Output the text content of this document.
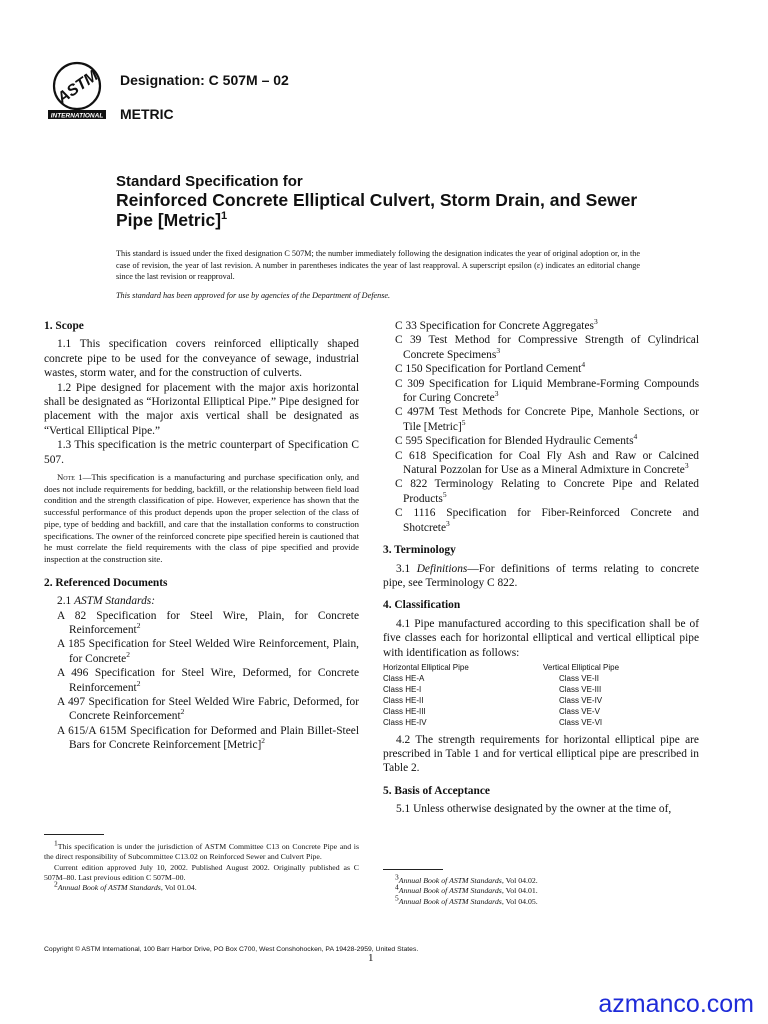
ASTM
INTERNATIONAL
Designation: C 507M – 02
METRIC
Standard Specification for
Reinforced Concrete Elliptical Culvert, Storm Drain, and Sewer Pipe [Metric]$^1$
This standard is issued under the fixed designation C 507M; the number immediately following the designation indicates the year of original adoption or, in the case of revision, the year of last revision. A number in parentheses indicates the year of last reapproval. A superscript epsilon (ε) indicates an editorial change since the last revision or reapproval.
This standard has been approved for use by agencies of the Department of Defense.
1. Scope

1.1 This specification covers reinforced elliptically shaped concrete pipe to be used for the conveyance of sewage, industrial wastes, storm water, and for the construction of culverts.

1.2 Pipe designed for placement with the major axis horizontal shall be designated as “Horizontal Elliptical Pipe.” Pipe designed for placement with the major axis vertical shall be designated as “Vertical Elliptical Pipe.”

1.3 This specification is the metric counterpart of Specification C 507.

Note 1—This specification is a manufacturing and purchase specification only, and does not include requirements for bedding, backfill, or the relationship between field load condition and the strength classification of pipe. However, experience has shown that the successful performance of this product depends upon the proper selection of the class of pipe, type of bedding and backfill, and care that the installation conforms to construction specifications. The owner of the reinforced concrete pipe specified herein is cautioned that he must correlate the field requirements with the class of pipe specified and provide inspection at the construction site.

2. Referenced Documents

2.1 ASTM Standards:

A 82 Specification for Steel Wire, Plain, for Concrete Reinforcement$^2$
A 185 Specification for Steel Welded Wire Reinforcement, Plain, for Concrete$^2$
A 496 Specification for Steel Wire, Deformed, for Concrete Reinforcement$^2$
A 497 Specification for Steel Welded Wire Fabric, Deformed, for Concrete Reinforcement$^2$
A 615/A 615M Specification for Deformed and Plain Billet-Steel Bars for Concrete Reinforcement [Metric]$^2$
C 33 Specification for Concrete Aggregates$^3$
C 39 Test Method for Compressive Strength of Cylindrical Concrete Specimens$^3$
C 150 Specification for Portland Cement$^4$
C 309 Specification for Liquid Membrane-Forming Compounds for Curing Concrete$^3$
C 497M Test Methods for Concrete Pipe, Manhole Sections, or Tile [Metric]$^5$
C 595 Specification for Blended Hydraulic Cements$^4$
C 618 Specification for Coal Fly Ash and Raw or Calcined Natural Pozzolan for Use as a Mineral Admixture in Concrete$^3$
C 822 Terminology Relating to Concrete Pipe and Related Products$^5$
C 1116 Specification for Fiber-Reinforced Concrete and Shotcrete$^3$
3. Terminology

3.1 Definitions—For definitions of terms relating to concrete pipe, see Terminology C 822.

4. Classification

4.1 Pipe manufactured according to this specification shall be of five classes each for horizontal elliptical and vertical elliptical pipe with identification as follows:

Horizontal Elliptical Pipe	Vertical Elliptical Pipe
Class HE-A	Class VE-II
Class HE-I	Class VE-III
Class HE-II	Class VE-IV
Class HE-III	Class VE-V
Class HE-IV	Class VE-VI

4.2 The strength requirements for horizontal elliptical pipe are prescribed in Table 1 and for vertical elliptical pipe are prescribed in Table 2.

5. Basis of Acceptance

5.1 Unless otherwise designated by the owner at the time of,

$^1$This specification is under the jurisdiction of ASTM Committee C13 on Concrete Pipe and is the direct responsibility of Subcommittee C13.02 on Reinforced Sewer and Culvert Pipe.

Current edition approved July 10, 2002. Published August 2002. Originally published as C 507M–80. Last previous edition C 507M–00.

$^2$Annual Book of ASTM Standards, Vol 01.04.

$^3$Annual Book of ASTM Standards, Vol 04.02.

$^4$Annual Book of ASTM Standards, Vol 04.01.

$^5$Annual Book of ASTM Standards, Vol 04.05.

Copyright © ASTM International, 100 Barr Harbor Drive, PO Box C700, West Conshohocken, PA 19428-2959, United States.
1
azmanco.com
